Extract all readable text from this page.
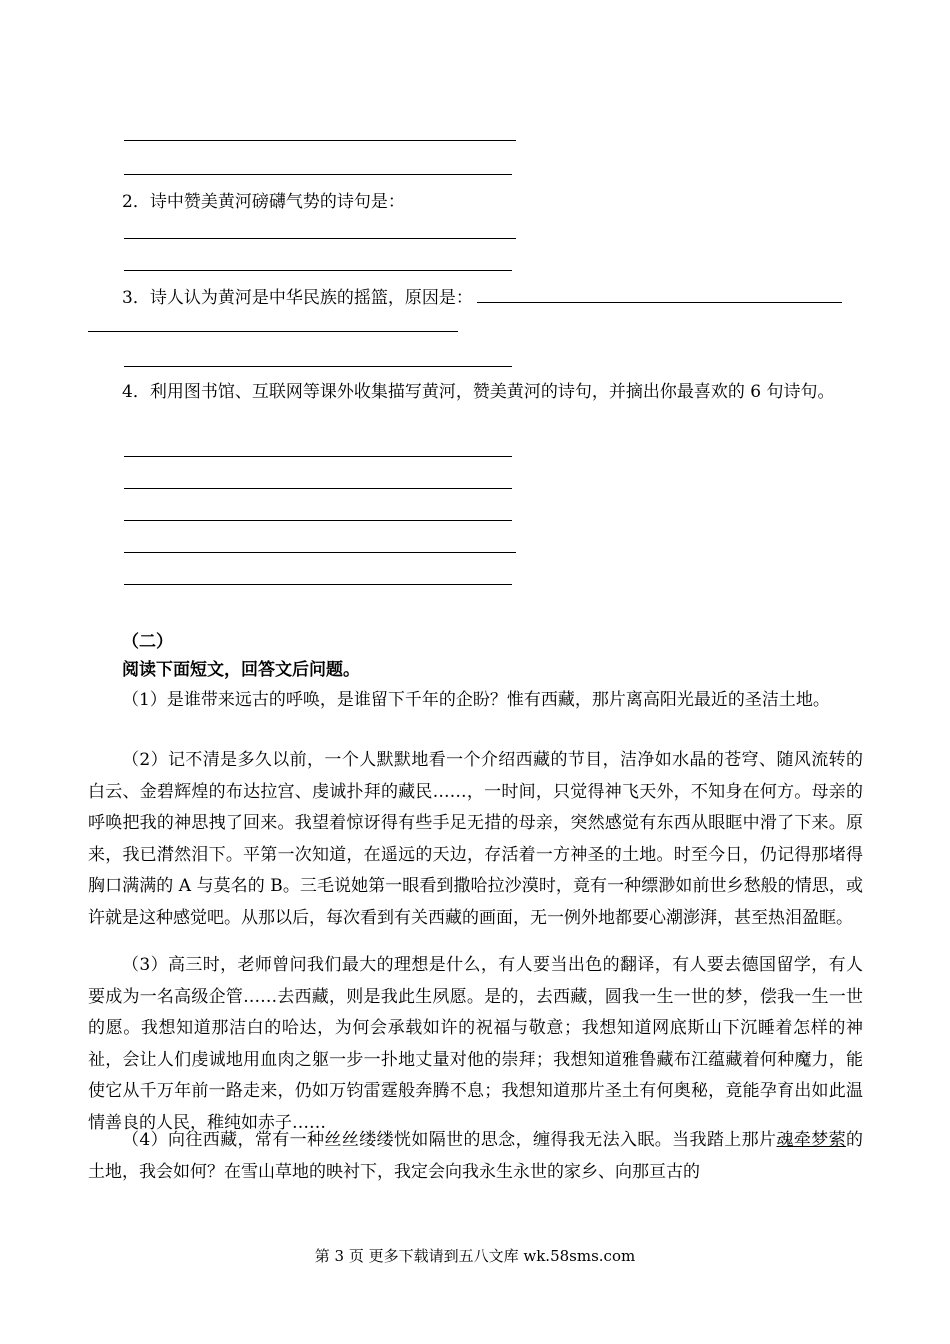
2．诗中赞美黄河磅礴气势的诗句是：

3．诗人认为黄河是中华民族的摇篮，原因是：

4．利用图书馆、互联网等课外收集描写黄河，赞美黄河的诗句，并摘出你最喜欢的 6 句诗句。

（二）

阅读下面短文，回答文后问题。

（1）是谁带来远古的呼唤，是谁留下千年的企盼？惟有西藏，那片离高阳光最近的圣洁土地。

（2）记不清是多久以前，一个人默默地看一个介绍西藏的节目，洁净如水晶的苍穹、随风流转的白云、金碧辉煌的布达拉宫、虔诚扑拜的藏民……，一时间，只觉得神飞天外，不知身在何方。母亲的呼唤把我的神思拽了回来。我望着惊讶得有些手足无措的母亲，突然感觉有东西从眼眶中滑了下来。原来，我已潸然泪下。平第一次知道，在遥远的天边，存活着一方神圣的土地。时至今日，仍记得那堵得胸口满满的 A 与莫名的 B。三毛说她第一眼看到撒哈拉沙漠时，竟有一种缥渺如前世乡愁般的情思，或许就是这种感觉吧。从那以后，每次看到有关西藏的画面，无一例外地都要心潮澎湃，甚至热泪盈眶。

（3）高三时，老师曾问我们最大的理想是什么，有人要当出色的翻译，有人要去德国留学，有人要成为一名高级企管……去西藏，则是我此生夙愿。是的，去西藏，圆我一生一世的梦，偿我一生一世的愿。我想知道那洁白的哈达，为何会承载如许的祝福与敬意；我想知道网底斯山下沉睡着怎样的神祉，会让人们虔诚地用血肉之躯一步一扑地丈量对他的崇拜；我想知道雅鲁藏布江蕴藏着何种魔力，能使它从千万年前一路走来，仍如万钧雷霆般奔腾不息；我想知道那片圣土有何奥秘，竟能孕育出如此温情善良的人民，稚纯如赤子……

（4）向往西藏，常有一种丝丝缕缕恍如隔世的思念，缠得我无法入眠。当我踏上那片魂牵梦萦的土地，我会如何？在雪山草地的映衬下，我定会向我永生永世的家乡、向那亘古的

第 3 页 更多下载请到五八文库 wk.58sms.com
